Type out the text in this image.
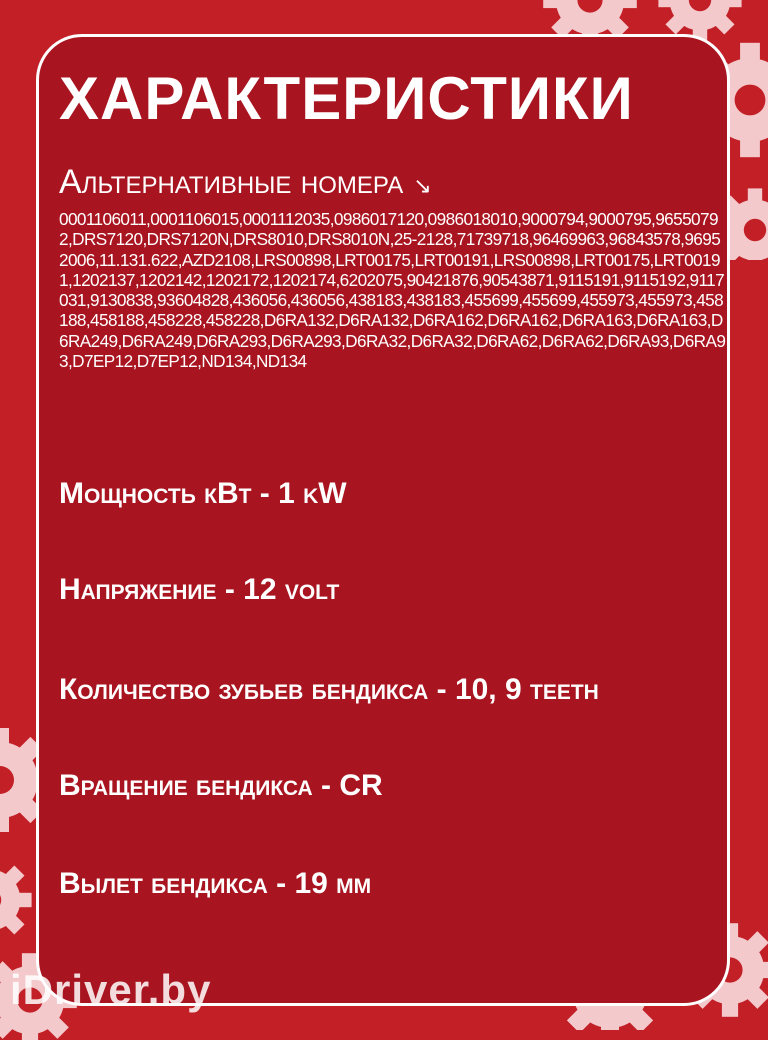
ХАРАКТЕРИСТИКИ
Альтернативные номера ↘

0001106011,0001106015,0001112035,0986017120,0986018010,9000794,9000795,96550792,DRS7120,DRS7120N,DRS8010,DRS8010N,25-2128,71739718,96469963,96843578,96952006,11.131.622,AZD2108,LRS00898,LRT00175,LRT00191,LRS00898,LRT00175,LRT00191,1202137,1202142,1202172,1202174,6202075,90421876,90543871,9115191,9115192,9117031,9130838,93604828,436056,436056,438183,438183,455699,455699,455973,455973,458188,458188,458228,458228,D6RA132,D6RA132,D6RA162,D6RA162,D6RA163,D6RA163,D6RA249,D6RA249,D6RA293,D6RA293,D6RA32,D6RA32,D6RA62,D6RA62,D6RA93,D6RA93,D7EP12,D7EP12,ND134,ND134

Мощность кВт - 1 kW
Напряжение - 12 volt
Количество зубьев бендикса - 10, 9 teeth
Вращение бендикса - CR
Вылет бендикса - 19 мм
iDriver.by
